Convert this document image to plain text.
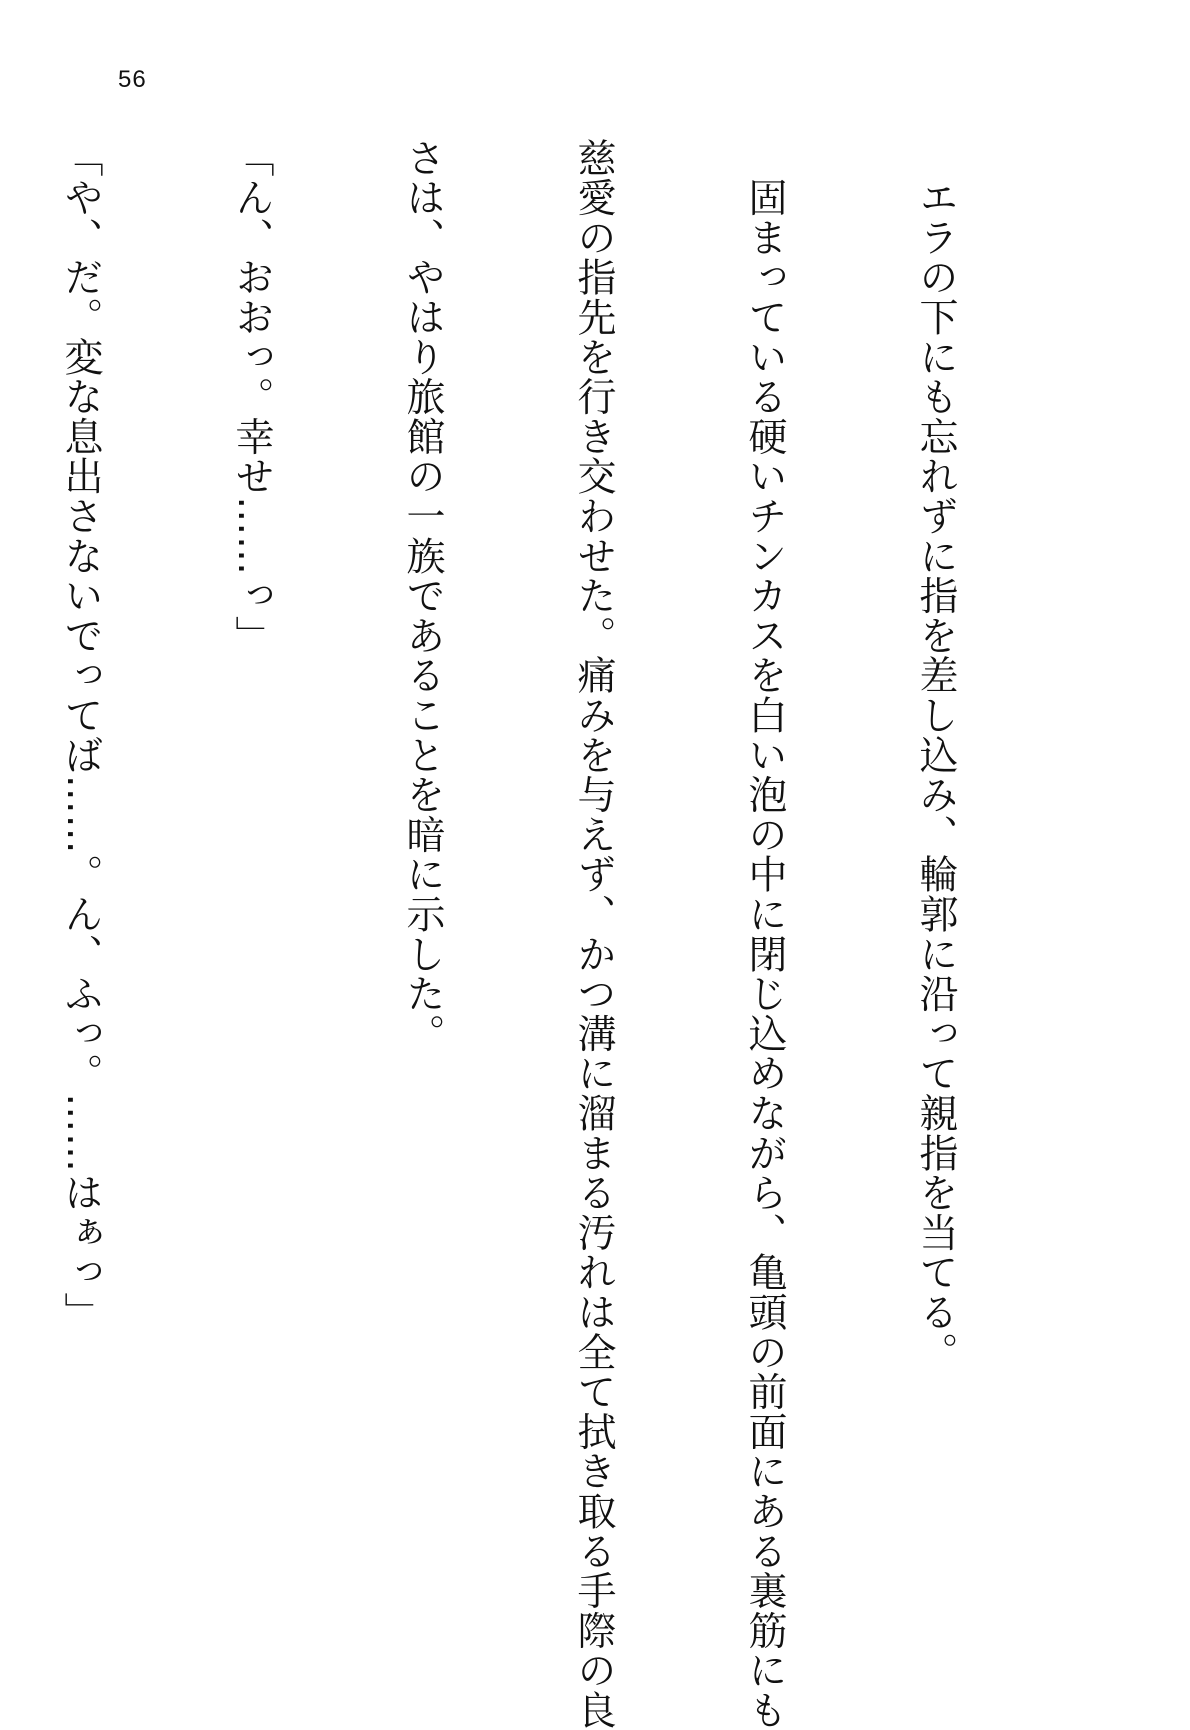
56

　エラの下にも忘れずに指を差し込み、輪郭に沿って親指を当てる。

　固まっている硬いチンカスを白い泡の中に閉じ込めながら、亀頭の前面にある裏筋にも

慈愛の指先を行き交わせた。痛みを与えず、かつ溝に溜まる汚れは全て拭き取る手際の良

さは、やはり旅館の一族であることを暗に示した。

「ん、おおっ。幸せ……っ」

「や、だ。変な息出さないでってば……。ん、ふっ。……はぁっ」
